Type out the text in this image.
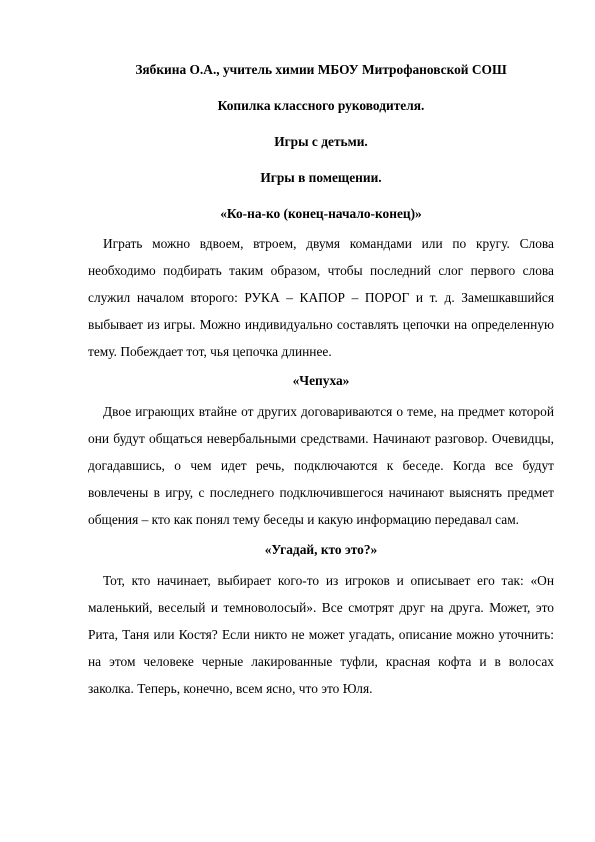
Зябкина О.А., учитель химии МБОУ Митрофановской СОШ

Копилка классного руководителя.

Игры с детьми.

Игры в помещении.

«Ко-на-ко (конец-начало-конец)»

Играть можно вдвоем, втроем, двумя командами или по кругу. Слова необходимо подбирать таким образом, чтобы последний слог первого слова служил началом второго: РУКА – КАПОР – ПОРОГ и т. д. Замешкавшийся выбывает из игры. Можно индивидуально составлять цепочки на определенную тему. Побеждает тот, чья цепочка длиннее.

«Чепуха»

Двое играющих втайне от других договариваются о теме, на предмет которой они будут общаться невербальными средствами. Начинают разговор. Очевидцы, догадавшись, о чем идет речь, подключаются к беседе. Когда все будут вовлечены в игру, с последнего подключившегося начинают выяснять предмет общения – кто как понял тему беседы и какую информацию передавал сам.

«Угадай, кто это?»

Тот, кто начинает, выбирает кого-то из игроков и описывает его так: «Он маленький, веселый и темноволосый». Все смотрят друг на друга. Может, это Рита, Таня или Костя? Если никто не может угадать, описание можно уточнить: на этом человеке черные лакированные туфли, красная кофта и в волосах заколка. Теперь, конечно, всем ясно, что это Юля.
